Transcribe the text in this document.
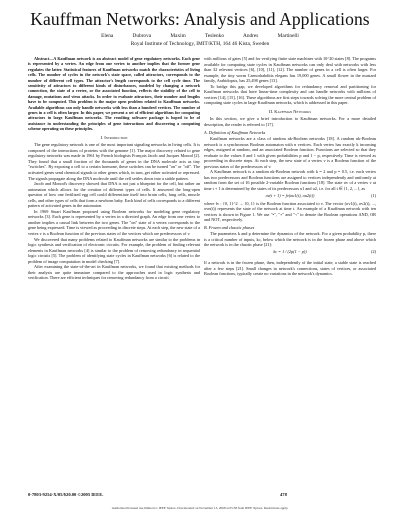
Kauffman Networks: Analysis and Applications
Elena Dubrova	Maxim Teslenko	Andres Martinelli
Royal Institute of Technology, IMIT/KTH, 164 46 Kista, Sweden

Abstract—A Kauffman network is an abstract model of gene regulatory networks. Each gene is represented by a vertex. An edge from one vertex to another implies that the former gene regulates the latter. Statistical features of Kauffman networks match the characteristics of living cells. The number of cycles in the network's state space, called attractors, corresponds to the number of different cell types. The attractor's length corresponds to the cell cycle time. The sensitivity of attractors to different kinds of disturbances, modeled by changing a network connection, the state of a vertex, or the associated function, reflects the stability of the cell to damage, mutations and virus attacks. In order to evaluate attractors, their number and lengths have to be computed. This problem is the major open problem related to Kauffman networks. Available algorithms can only handle networks with less than a hundred vertices. The number of genes in a cell is often larger. In this paper, we present a set of efficient algorithms for computing attractors in large Kauffman networks. The resulting software package is hoped to be of assistance in understanding the principles of gene interactions and discovering a computing scheme operating on these principles.

I. Introduction

The gene regulatory network is one of the most important signaling networks in living cells. It is composed of the interactions of proteins with the genome [1]. The major discovery related to gene regulatory networks was made in 1961 by French biologists François Jacob and Jacques Monod [2]. They found that a small fraction of the thousands of genes in the DNA molecule acts as tiny "switches". By exposing a cell to a certain hormone, these switches can be turned "on" or "off". The activated genes send chemical signals to other genes which, in turn, get either activated or repressed. The signals propagate along the DNA molecule until the cell settles down into a stable pattern.

Jacob and Monod's discovery showed that DNA is not just a blueprint for the cell, but rather an automaton which allows for the creation of different types of cells. It answered the long-open question of how one fertilized egg cell could differentiate itself into brain cells, lung cells, muscle cells, and other types of cells that form a newborn baby. Each kind of cells corresponds to a different pattern of activated genes in the automaton.

In 1969 Stuart Kauffman proposed using Boolean networks for modeling gene regulatory networks [3]. Each gene is represented by a vertex in a directed graph. An edge from one vertex to another implies a causal link between the two genes. The "on" state of a vertex corresponds to the gene being expressed. Time is viewed as proceeding in discrete steps. At each step, the new state of a vertex v is a Boolean function of the previous states of the vertices which are predecessors of v.

We discovered that many problems related to Kauffman networks are similar to the problems in logic synthesis and verification of electronic circuits. For example, the problem of finding relevant elements in Kauffman networks [4] is similar to the problem of removing redundancy in sequential logic circuits [5]. The problem of identifying state cycles in Kauffman networks [6] is related to the problem of image computation in model checking [7].

After examining the state-of-the-art in Kauffman networks, we found that existing methods for their analysis are quite immature compared to the approaches used in logic synthesis and verification. There are efficient techniques for removing redundancy from a circuit

with millions of gates [5] and for verifying finite state machines with 10^20 states [8]. The programs available for computing state cycles in Kauffman networks can only deal with networks with less than 32 relevant vertices [6], [10], [11], [12]. The number of genes in a cell is often larger. For example, the tiny worm Caenorhabditis elegans has 19,000 genes. A small flower in the mustard family, Arabidopsis, has 25,498 genes [13].

To bridge this gap, we developed algorithms for redundancy removal and partitioning for Kauffman networks that have linear-time complexity and can handle networks with millions of vertices [14], [15], [16]. These algorithms are first steps towards solving the more central problem of computing state cycles in large Kauffman networks, which is addressed in this paper.

II. Kauffman Networks

In this section, we give a brief introduction to Kauffman networks. For a more detailed description, the reader is referred to [17].

A. Definition of Kauffman Networks

Kauffman networks are a class of random nk-Boolean networks [18]. A random nk-Boolean network is a synchronous Boolean automaton with n vertices. Each vertex has exactly k incoming edges, assigned at random, and an associated Boolean function. Functions are selected so that they evaluate to the values 0 and 1 with given probabilities p and 1 − p, respectively. Time is viewed as proceeding in discrete steps. At each step, the new state of a vertex v is a Boolean function of the previous states of the predecessors of v.

A Kauffman network is a random nk-Boolean network with k = 2 and p = 0.5, i.e. each vertex has two predecessors and Boolean functions are assigned to vertices independently and uniformly at random from the set of 16 possible 2-variable Boolean functions [18]. The state σv of a vertex v at time t + 1 is determined by the states of its predecessors u1 and u2, i.e. for all t ∈ {1, 2, ...}, as

σv(t + 1) = fv(σu1(t), σu2(t))	(1)

where fv : {0, 1}^2 → {0, 1} is the Boolean function associated to v. The vector (σv1(t), σv2(t), ..., σvn(t)) represents the state of the network at time t. An example of a Kauffman network with ten vertices is shown in Figure 1. We use "•", "+" and "¬" to denote the Boolean operations AND, OR and NOT, respectively.

B. Frozen and chaotic phases

The parameters k and p determine the dynamics of the network. For a given probability p, there is a critical number of inputs, kc, below which the network is in the frozen phase and above which the network is in the chaotic phase [21]:

kc = 1 / (2p(1 − p))	(2)

If a network is in the frozen phase, then, independently of the initial state, a stable state is reached after a few steps [21]. Small changes in network's connections, states of vertices, or associated Boolean functions, typically create no variations in the network's dynamics.

0-7803-9254-X/05/$20.00 ©2005 IEEE.	478
Authorized licensed use limited to: IEEE Xplore. Downloaded on November 13, 2008 at 05:58 from IEEE Xplore. Restrictions apply.
